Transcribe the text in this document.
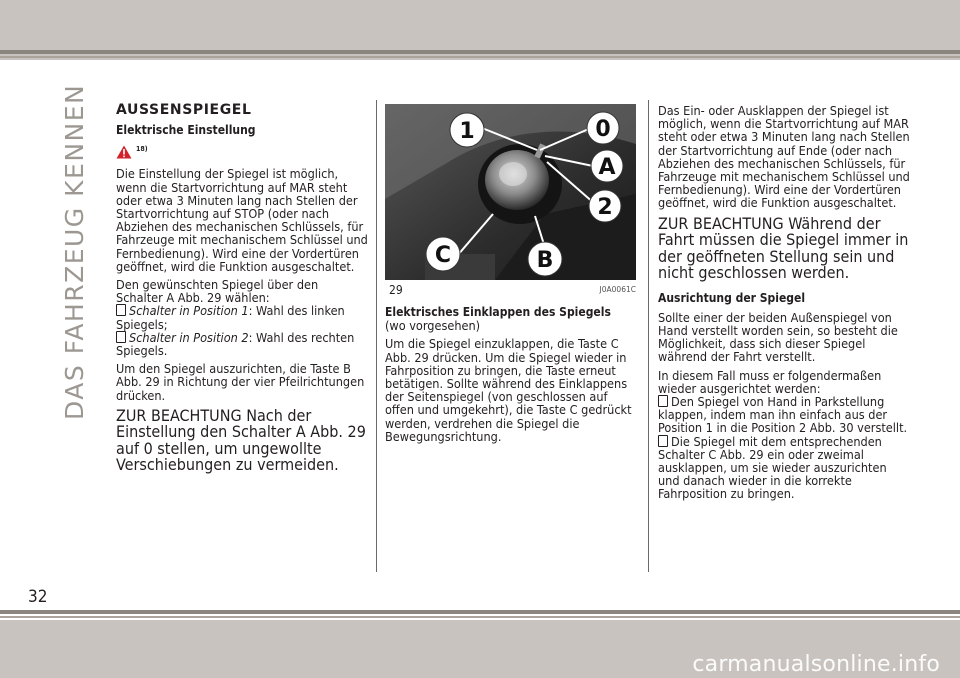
carmanualsonline.info
DAS FAHRZEUG KENNEN
32
AUSSENSPIEGEL
Elektrische Einstellung
18)
Die Einstellung der Spiegel ist möglich, wenn die Startvorrichtung auf MAR steht oder etwa 3 Minuten lang nach Stellen der Startvorrichtung auf STOP (oder nach Abziehen des mechanischen Schlüssels, für Fahrzeuge mit mechanischem Schlüssel und Fernbedienung). Wird eine der Vordertüren geöffnet, wird die Funktion ausgeschaltet.
Den gewünschten Spiegel über den Schalter A Abb. 29 wählen:
Schalter in Position 1: Wahl des linken Spiegels;
Schalter in Position 2: Wahl des rechten Spiegels.
Um den Spiegel auszurichten, die Taste B Abb. 29 in Richtung der vier Pfeilrichtungen drücken.
ZUR BEACHTUNG Nach der Einstellung den Schalter A Abb. 29 auf 0 stellen, um ungewollte Verschiebungen zu vermeiden.
1	0
A
2
C	B
29	J0A0061C
Elektrisches Einklappen des Spiegels
(wo vorgesehen)
Um die Spiegel einzuklappen, die Taste C Abb. 29 drücken. Um die Spiegel wieder in Fahrposition zu bringen, die Taste erneut betätigen. Sollte während des Einklappens der Seitenspiegel (von geschlossen auf offen und umgekehrt), die Taste C gedrückt werden, verdrehen die Spiegel die Bewegungsrichtung.
Das Ein- oder Ausklappen der Spiegel ist möglich, wenn die Startvorrichtung auf MAR steht oder etwa 3 Minuten lang nach Stellen der Startvorrichtung auf Ende (oder nach Abziehen des mechanischen Schlüssels, für Fahrzeuge mit mechanischem Schlüssel und Fernbedienung). Wird eine der Vordertüren geöffnet, wird die Funktion ausgeschaltet.
ZUR BEACHTUNG Während der Fahrt müssen die Spiegel immer in der geöffneten Stellung sein und nicht geschlossen werden.
Ausrichtung der Spiegel
Sollte einer der beiden Außenspiegel von Hand verstellt worden sein, so besteht die Möglichkeit, dass sich dieser Spiegel während der Fahrt verstellt.
In diesem Fall muss er folgendermaßen wieder ausgerichtet werden:
Den Spiegel von Hand in Parkstellung klappen, indem man ihn einfach aus der Position 1 in die Position 2 Abb. 30 verstellt.
Die Spiegel mit dem entsprechenden Schalter C Abb. 29 ein oder zweimal ausklappen, um sie wieder auszurichten und danach wieder in die korrekte Fahrposition zu bringen.
